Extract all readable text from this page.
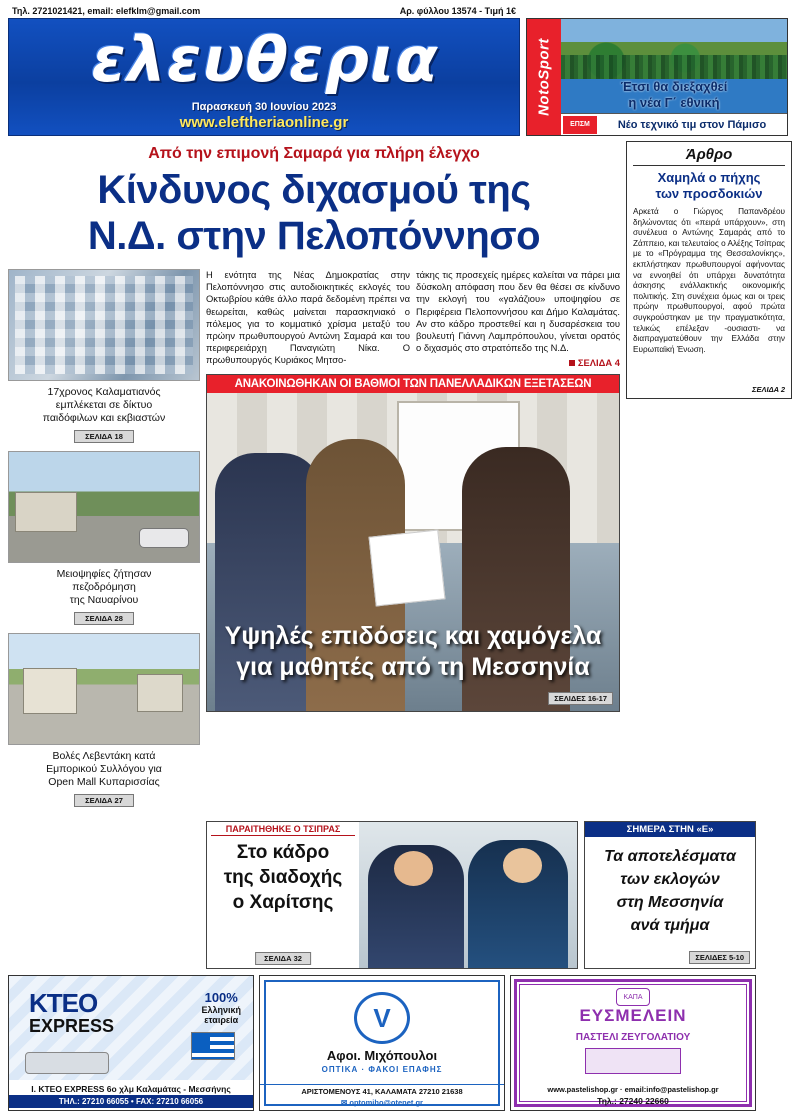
Τηλ. 2721021421, email: elefklm@gmail.com	Αρ. φύλλου 13574 - Τιμή 1€
ελευθερια
Παρασκευή 30 Ιουνίου 2023
www.eleftheriaonline.gr
NotoSport	Έτσι θα διεξαχθεί
η νέα Γ΄ εθνική
ΕΠΣΜ	Νέο τεχνικό τιμ στον Πάμισο
Από την επιμονή Σαμαρά για πλήρη έλεγχο
Κίνδυνος διχασμού της
Ν.Δ. στην Πελοπόννησο
17χρονος Καλαματιανός
εμπλέκεται σε δίκτυο
παιδόφιλων και εκβιαστών
ΣΕΛΙΔΑ 18
Μειοψηφίες ζήτησαν
πεζοδρόμηση
της Ναυαρίνου
ΣΕΛΙΔΑ 28
Βολές Λεβεντάκη κατά
Εμπορικού Συλλόγου για
Open Mall Κυπαρισσίας
ΣΕΛΙΔΑ 27

Η ενότητα της Νέας Δημοκρατίας στην Πελοπόννησο στις αυτοδιοικητικές εκλογές του Οκτωβρίου κάθε άλλο παρά δεδομένη πρέπει να θεωρείται, καθώς μαίνεται παρασκηνιακό ο πόλεμος για το κομματικό χρίσμα μεταξύ του πρώην πρωθυπουργού Αντώνη Σαμαρά και του περιφερειάρχη Παναγιώτη Νίκα. Ο πρωθυπουργός Κυριάκος Μητσο-

τάκης τις προσεχείς ημέρες καλείται να πάρει μια δύσκολη απόφαση που δεν θα θέσει σε κίνδυνο την εκλογή του «γαλάζιου» υποψηφίου σε Περιφέρεια Πελοποννήσου και Δήμο Καλαμάτας. Αν στο κάδρο προστεθεί και η δυσαρέσκεια του βουλευτή Γιάννη Λαμπρόπουλου, γίνεται ορατός ο διχασμός στο στρατόπεδο της Ν.Δ.

ΣΕΛΙΔΑ 4

ΑΝΑΚΟΙΝΩΘΗΚΑΝ ΟΙ ΒΑΘΜΟΙ ΤΩΝ ΠΑΝΕΛΛΑΔΙΚΩΝ ΕΞΕΤΑΣΕΩΝ
Υψηλές επιδόσεις και χαμόγελα
για μαθητές από τη Μεσσηνία
ΣΕΛΙΔΕΣ 16-17
Άρθρο
Χαμηλά ο πήχης
των προσδοκιών
Αρκετά ο Γιώργος Παπανδρέου δηλώνοντας ότι «πειρά υπάρχουν», στη συνέλευα ο Αντώνης Σαμαράς από το Ζάππειο, και τελευταίος ο Αλέξης Τσίπρας με το «Πρόγραμμα της Θεσσαλονίκης», εκπλήστηκαν πρωθυπουργοί αφήνοντας να εννοηθεί ότι υπάρχει δυνατότητα άσκησης ενάλλακτικής οικονομικής πολιτικής. Στη συνέχεια όμως και οι τρεις πρώην πρωθυπουργοί, αφού πρώτα συγκρούστηκαν με την πραγματικότητα, τελικώς επέλεξαν -ουσιαστι- να διαπραγματεύθουν την Ελλάδα στην Ευρωπαϊκή Ένωση.
ΣΕΛΙΔΑ 2
ΠΑΡΑΙΤΗΘΗΚΕ Ο ΤΣΙΠΡΑΣ
Στο κάδρο
της διαδοχής
ο Χαρίτσης
ΣΕΛΙΔΑ 32
ΣΗΜΕΡΑ ΣΤΗΝ «Ε»
Τα αποτελέσματα
των εκλογών
στη Μεσσηνία
ανά τμήμα
ΣΕΛΙΔΕΣ 5-10
ΚΤΕΟ
EXPRESS
100%
Ελληνική
εταιρεία
Ι. ΚΤΕΟ EXPRESS 6ο χλμ Καλαμάτας - Μεσσήνης
ΤΗΛ.: 27210 66055 • FAX: 27210 66056
V
Αφοι. Μιχόπουλοι
ΟΠΤΙΚΑ · ΦΑΚΟΙ ΕΠΑΦΗΣ
ΑΡΙΣΤΟΜΕΝΟΥΣ 41, ΚΑΛΑΜΑΤΑ 27210 21638
✉ optomiho@otenet.gr
ΚΑΠΑ
ΕΥΣΜΕΛΕΙΝ
ΠΑΣΤΕΛΙ ΖΕΥΓΟΛΑΤΙΟΥ
www.pastelishop.gr · email:info@pastelishop.gr
Τηλ.: 27240 22660
